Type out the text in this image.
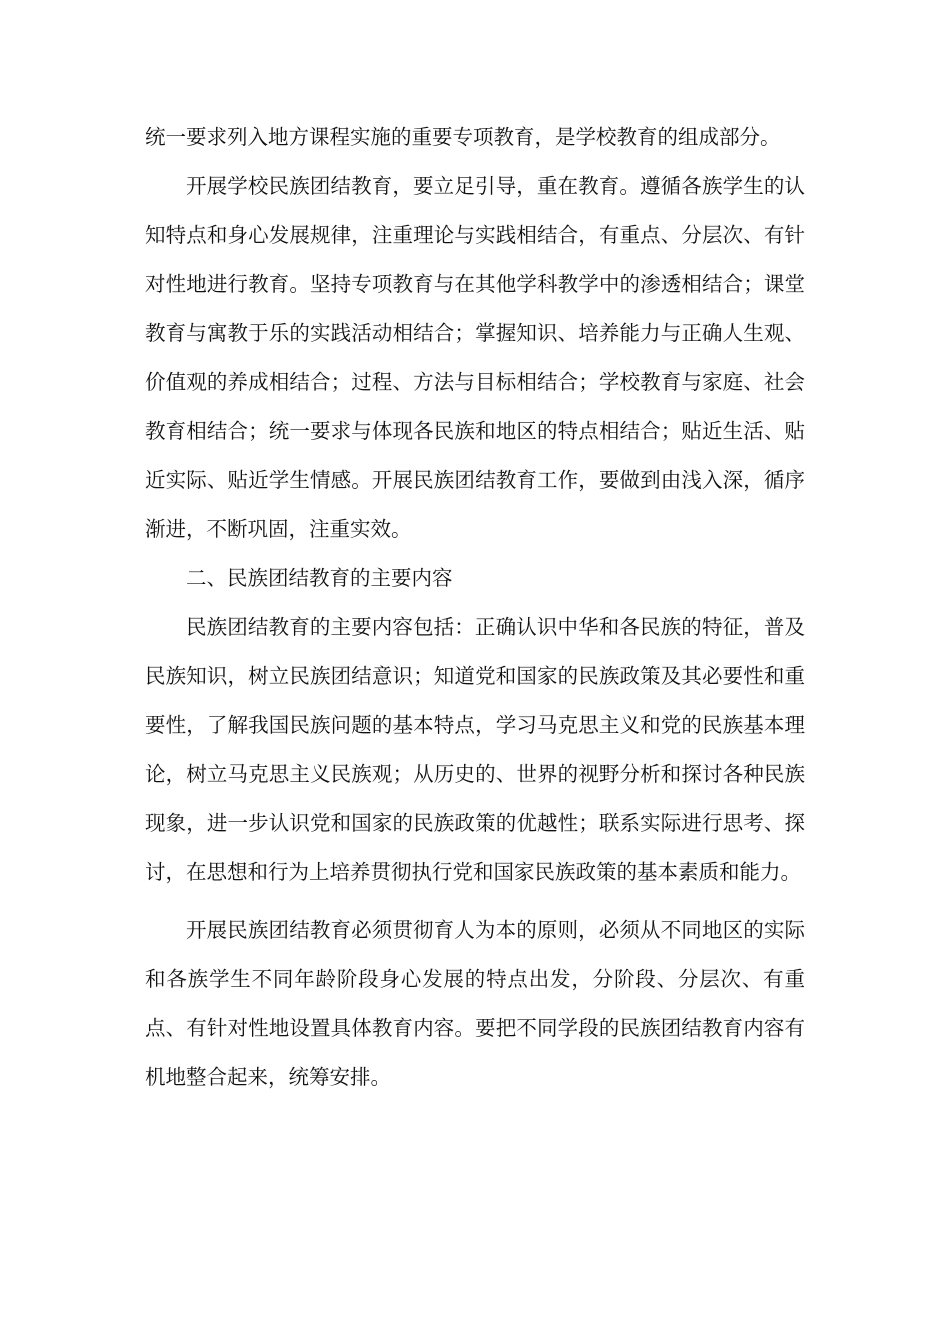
统一要求列入地方课程实施的重要专项教育，是学校教育的组成部分。

开展学校民族团结教育，要立足引导，重在教育。遵循各族学生的认知特点和身心发展规律，注重理论与实践相结合，有重点、分层次、有针对性地进行教育。坚持专项教育与在其他学科教学中的渗透相结合；课堂教育与寓教于乐的实践活动相结合；掌握知识、培养能力与正确人生观、价值观的养成相结合；过程、方法与目标相结合；学校教育与家庭、社会教育相结合；统一要求与体现各民族和地区的特点相结合；贴近生活、贴近实际、贴近学生情感。开展民族团结教育工作，要做到由浅入深，循序渐进，不断巩固，注重实效。

二、民族团结教育的主要内容

民族团结教育的主要内容包括：正确认识中华和各民族的特征，普及民族知识，树立民族团结意识；知道党和国家的民族政策及其必要性和重要性，了解我国民族问题的基本特点，学习马克思主义和党的民族基本理论，树立马克思主义民族观；从历史的、世界的视野分析和探讨各种民族现象，进一步认识党和国家的民族政策的优越性；联系实际进行思考、探讨，在思想和行为上培养贯彻执行党和国家民族政策的基本素质和能力。

开展民族团结教育必须贯彻育人为本的原则，必须从不同地区的实际和各族学生不同年龄阶段身心发展的特点出发，分阶段、分层次、有重点、有针对性地设置具体教育内容。要把不同学段的民族团结教育内容有机地整合起来，统筹安排。
